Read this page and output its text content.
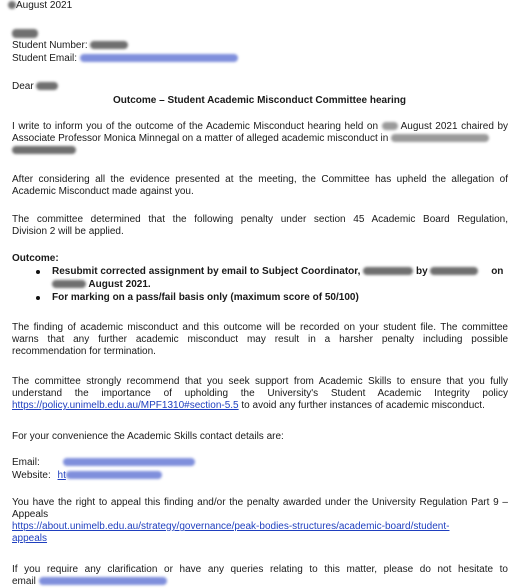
August 2021
Student Number:
Student Email:
Dear
Outcome – Student Academic Misconduct Committee hearing
I write to inform you of the outcome of the Academic Misconduct hearing held on August 2021 chaired by
Associate Professor Monica Minnegal on a matter of alleged academic misconduct in
After considering all the evidence presented at the meeting, the Committee has upheld the allegation of
Academic Misconduct made against you.
The committee determined that the following penalty under section 45 Academic Board Regulation,
Division 2 will be applied.
Outcome:
Resubmit corrected assignment by email to Subject Coordinator,	by	on
August 2021.
For marking on a pass/fail basis only (maximum score of 50/100)
The finding of academic misconduct and this outcome will be recorded on your student file. The committee
warns that any further academic misconduct may result in a harsher penalty including possible
recommendation for termination.
The committee strongly recommend that you seek support from Academic Skills to ensure that you fully
understand the importance of upholding the University's Student Academic Integrity policy
https://policy.unimelb.edu.au/MPF1310#section-5.5 to avoid any further instances of academic misconduct.
For your convenience the Academic Skills contact details are:
Email:
Website: ht
You have the right to appeal this finding and/or the penalty awarded under the University Regulation Part 9 –
Appeals
https://about.unimelb.edu.au/strategy/governance/peak-bodies-structures/academic-board/student-
appeals
If you require any clarification or have any queries relating to this matter, please do not hesitate to
email
